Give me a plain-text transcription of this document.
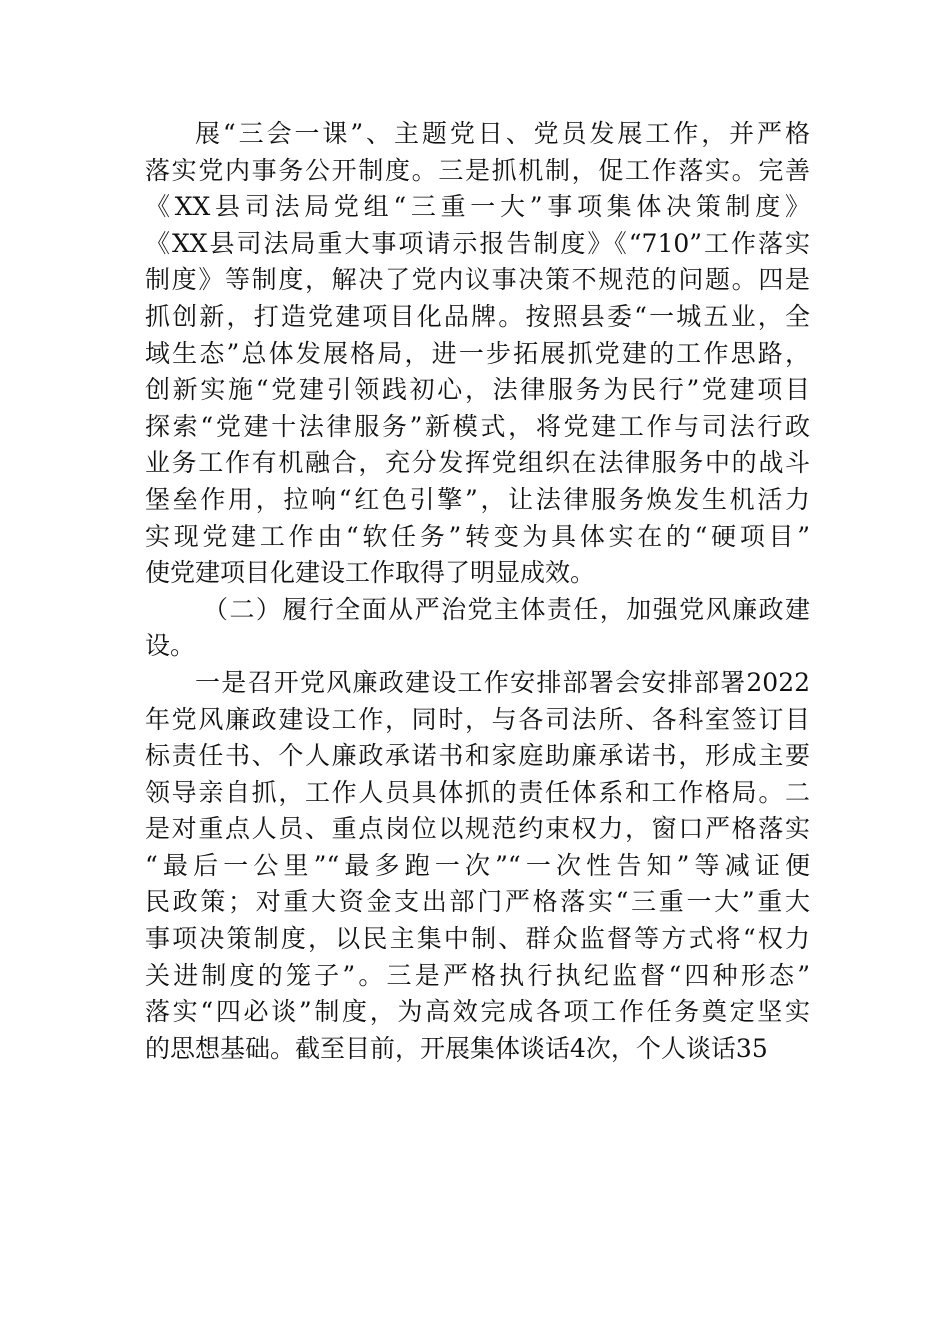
展“三会一课”、主题党日、党员发展工作，并严格
落实党内事务公开制度。三是抓机制，促工作落实。完善
《XX县司法局党组“三重一大”事项集体决策制度》
《XX县司法局重大事项请示报告制度》《“710”工作落实
制度》等制度，解决了党内议事决策不规范的问题。四是
抓创新，打造党建项目化品牌。按照县委“一城五业，全
域生态”总体发展格局，进一步拓展抓党建的工作思路，
创新实施“党建引领践初心，法律服务为民行”党建项目
探索“党建十法律服务”新模式，将党建工作与司法行政
业务工作有机融合，充分发挥党组织在法律服务中的战斗
堡垒作用，拉响“红色引擎”，让法律服务焕发生机活力
实现党建工作由“软任务”转变为具体实在的“硬项目”
使党建项目化建设工作取得了明显成效。
（二）履行全面从严治党主体责任，加强党风廉政建
设。
一是召开党风廉政建设工作安排部署会安排部署2022
年党风廉政建设工作，同时，与各司法所、各科室签订目
标责任书、个人廉政承诺书和家庭助廉承诺书，形成主要
领导亲自抓，工作人员具体抓的责任体系和工作格局。二
是对重点人员、重点岗位以规范约束权力，窗口严格落实
“最后一公里”“最多跑一次”“一次性告知”等减证便
民政策；对重大资金支出部门严格落实“三重一大”重大
事项决策制度，以民主集中制、群众监督等方式将“权力
关进制度的笼子”。三是严格执行执纪监督“四种形态”
落实“四必谈”制度，为高效完成各项工作任务奠定坚实
的思想基础。截至目前，开展集体谈话4次，个人谈话35
